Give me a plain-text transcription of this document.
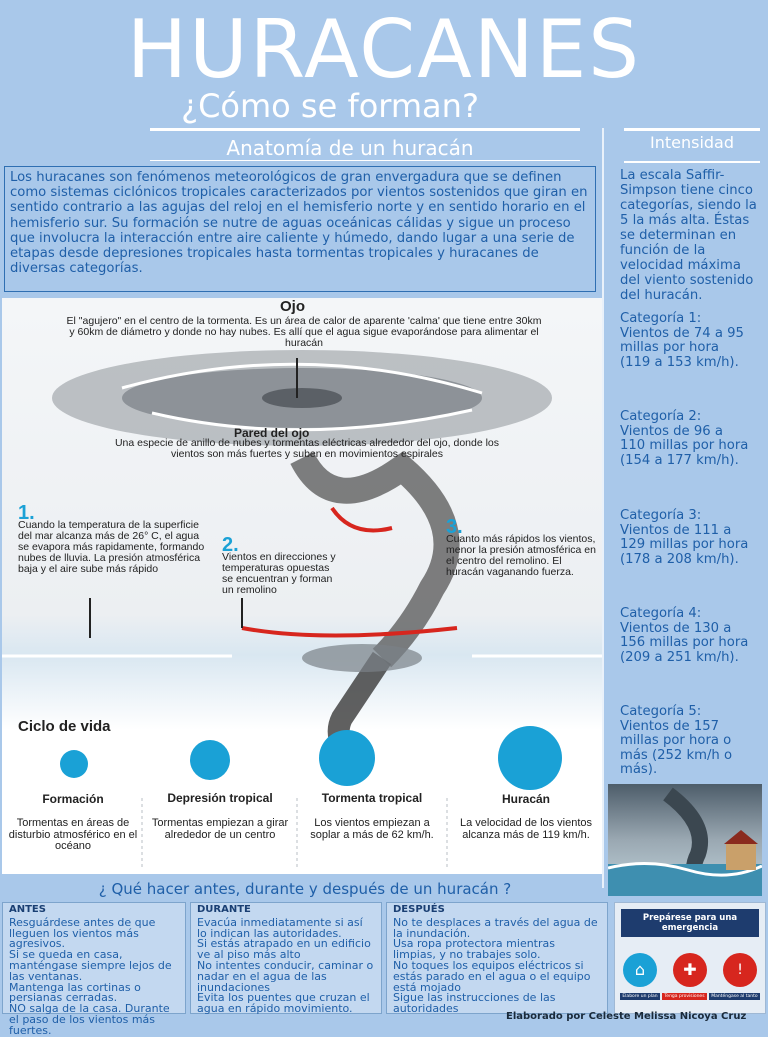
HURACANES
¿Cómo se forman?
Anatomía de un huracán
Los huracanes son fenómenos meteorológicos de gran envergadura que se definen como sistemas ciclónicos tropicales caracterizados por vientos sostenidos que giran en sentido contrario a las agujas del reloj en el hemisferio norte y en sentido horario en el hemisferio sur. Su formación se nutre de aguas oceánicas cálidas y sigue un proceso que involucra la interacción entre aire caliente y húmedo, dando lugar a una serie de etapas desde depresiones tropicales hasta tormentas tropicales y huracanes de diversas categorías.
Ojo
El "agujero" en el centro de la tormenta. Es un área de calor de aparente 'calma' que tiene entre 30km y 60km de diámetro y donde no hay nubes. Es allí que el agua sigue evaporándose para alimentar el huracán
Pared del ojo
Una especie de anillo de nubes y tormentas eléctricas alrededor del ojo, donde los vientos son más fuertes y suben en movimientos espirales
1.
Cuando la temperatura de la superficie del mar alcanza más de 26° C, el agua se evapora más rapidamente, formando nubes de lluvia. La presión atmosférica baja y el aire sube más rápido
2.
Vientos en direcciones y temperaturas opuestas se encuentran y forman un remolino
3.
Cuanto más rápidos los vientos, menor la presión atmosférica en el centro del remolino. El huracán vaganando fuerza.
Ciclo de vida
Formación
Tormentas en áreas de disturbio atmosférico en el océano
Depresión tropical
Tormentas empiezan a girar alrededor de un centro
Tormenta tropical
Los vientos empiezan a soplar a más de 62 km/h.
Huracán
La velocidad de los vientos alcanza más de 119 km/h.
Intensidad
La escala Saffir-Simpson tiene cinco categorías, siendo la 5 la más alta. Éstas se determinan en función de la velocidad máxima del viento sostenido del huracán.
Categoría 1: Vientos de 74 a 95 millas por hora (119 a 153 km/h).
Categoría 2: Vientos de 96 a 110 millas por hora (154 a 177 km/h).
Categoría 3: Vientos de 111 a 129 millas por hora (178 a 208 km/h).
Categoría 4: Vientos de 130 a 156 millas por hora (209 a 251 km/h).
Categoría 5: Vientos de 157 millas por hora o más (252 km/h o más).
¿ Qué hacer antes, durante y después de un huracán ?
ANTES
Resguárdese antes de que lleguen los vientos más agresivos.
Si se queda en casa, manténgase siempre lejos de las ventanas.
Mantenga las cortinas o persianas cerradas.
NO salga de la casa. Durante el paso de los vientos más fuertes.
DURANTE
Evacúa inmediatamente si así lo indican las autoridades.
Si estás atrapado en un edificio ve al piso más alto
No intentes conducir, caminar o nadar en el agua de las inundaciones
Evita los puentes que cruzan el agua en rápido movimiento.
DESPUÉS
No te desplaces a través del agua de la inundación.
Usa ropa protectora mientras limpias, y no trabajes solo.
No toques los equipos eléctricos si estás parado en el agua o el equipo está mojado
Sigue las instrucciones de las autoridades
Prepárese para una emergencia
⌂	✚	!
Elabore un plan	Tenga provisiones	Manténgase al tanto
Elaborado por Celeste Melissa Nicoya Cruz
